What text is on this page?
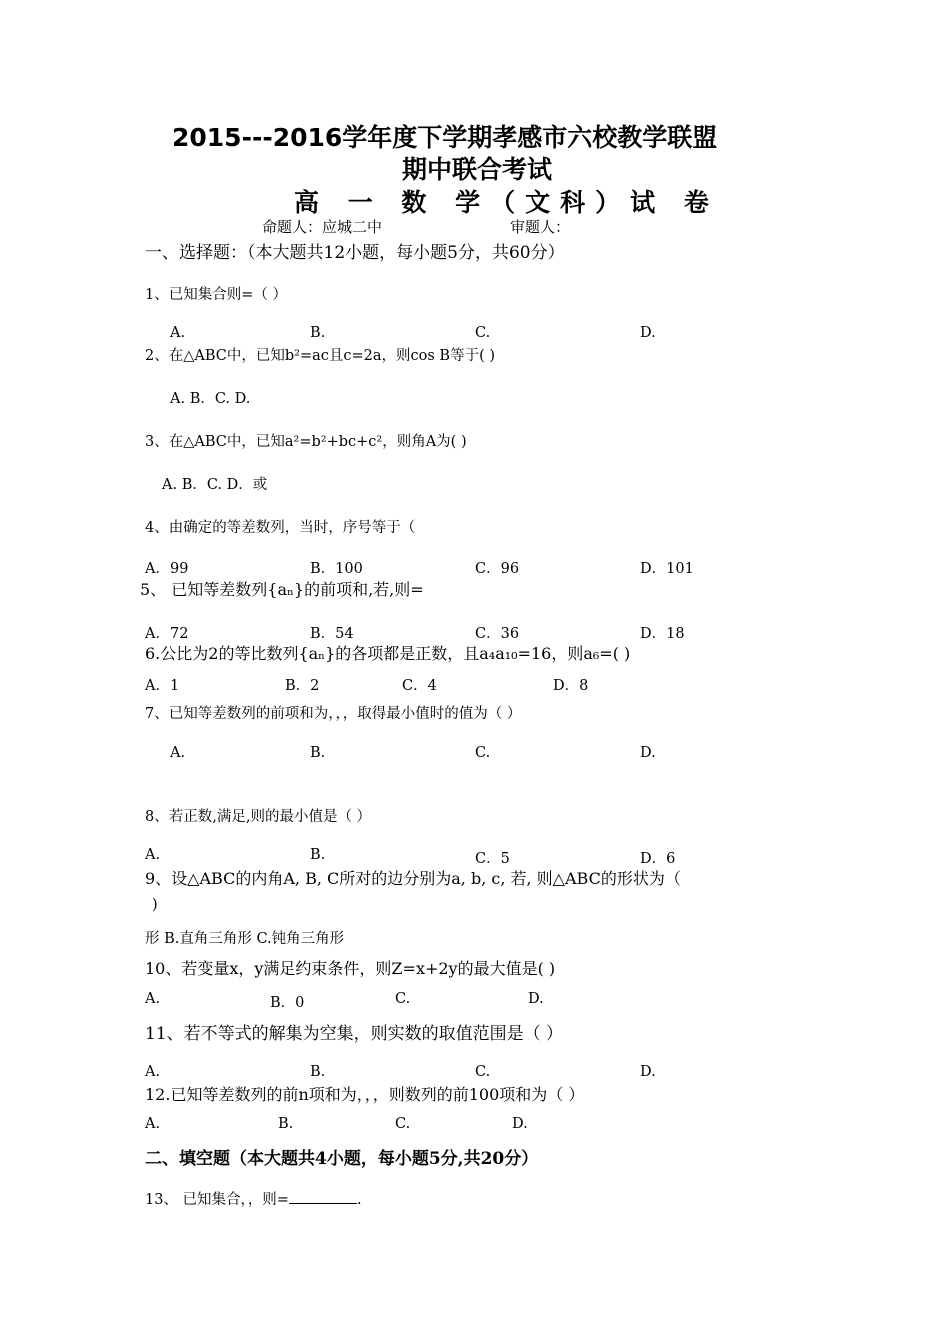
2015---2016学年度下学期孝感市六校教学联盟
期中联合考试
高 一 数 学（文科）试 卷
命题人：应城二中	审题人：
一、选择题：（本大题共12小题，每小题5分，共60分）
1、已知集合则=（ ）
A.	B.	C.	D.
2、在△ABC中，已知b²=ac且c=2a，则cos B等于( )
A. B．C. D.
3、在△ABC中，已知a²=b²+bc+c²，则角A为( )
A. B．C. D．或
4、由确定的等差数列，当时，序号等于（
A．99	B．100	C．96	D．101
5、 已知等差数列{aₙ}的前项和,若,则=
A．72	B．54	C．36	D．18
6.公比为2的等比数列{aₙ}的各项都是正数，且a₄a₁₀=16，则a₆=( )
A．1	B．2	C．4	D．8
7、已知等差数列的前项和为，，，取得最小值时的值为（ ）
A.	B.	C.	D.
8、若正数,满足,则的最小值是（ ）
A.	B.	C．5	D．6
9、设△ABC的内角A, B, C所对的边分别为a, b, c, 若, 则△ABC的形状为（
)
形 B.直角三角形 C.钝角三角形
10、若变量x，y满足约束条件，则Z=x+2y的最大值是( )
A.	B．0	C.	D.
11、若不等式的解集为空集，则实数的取值范围是（ ）
A.	B.	C.	D.
12.已知等差数列的前n项和为，，，则数列的前100项和为（ ）
A.	B.	C.	D.
二、填空题（本大题共4小题，每小题5分,共20分）
13、 已知集合，，则=	.
